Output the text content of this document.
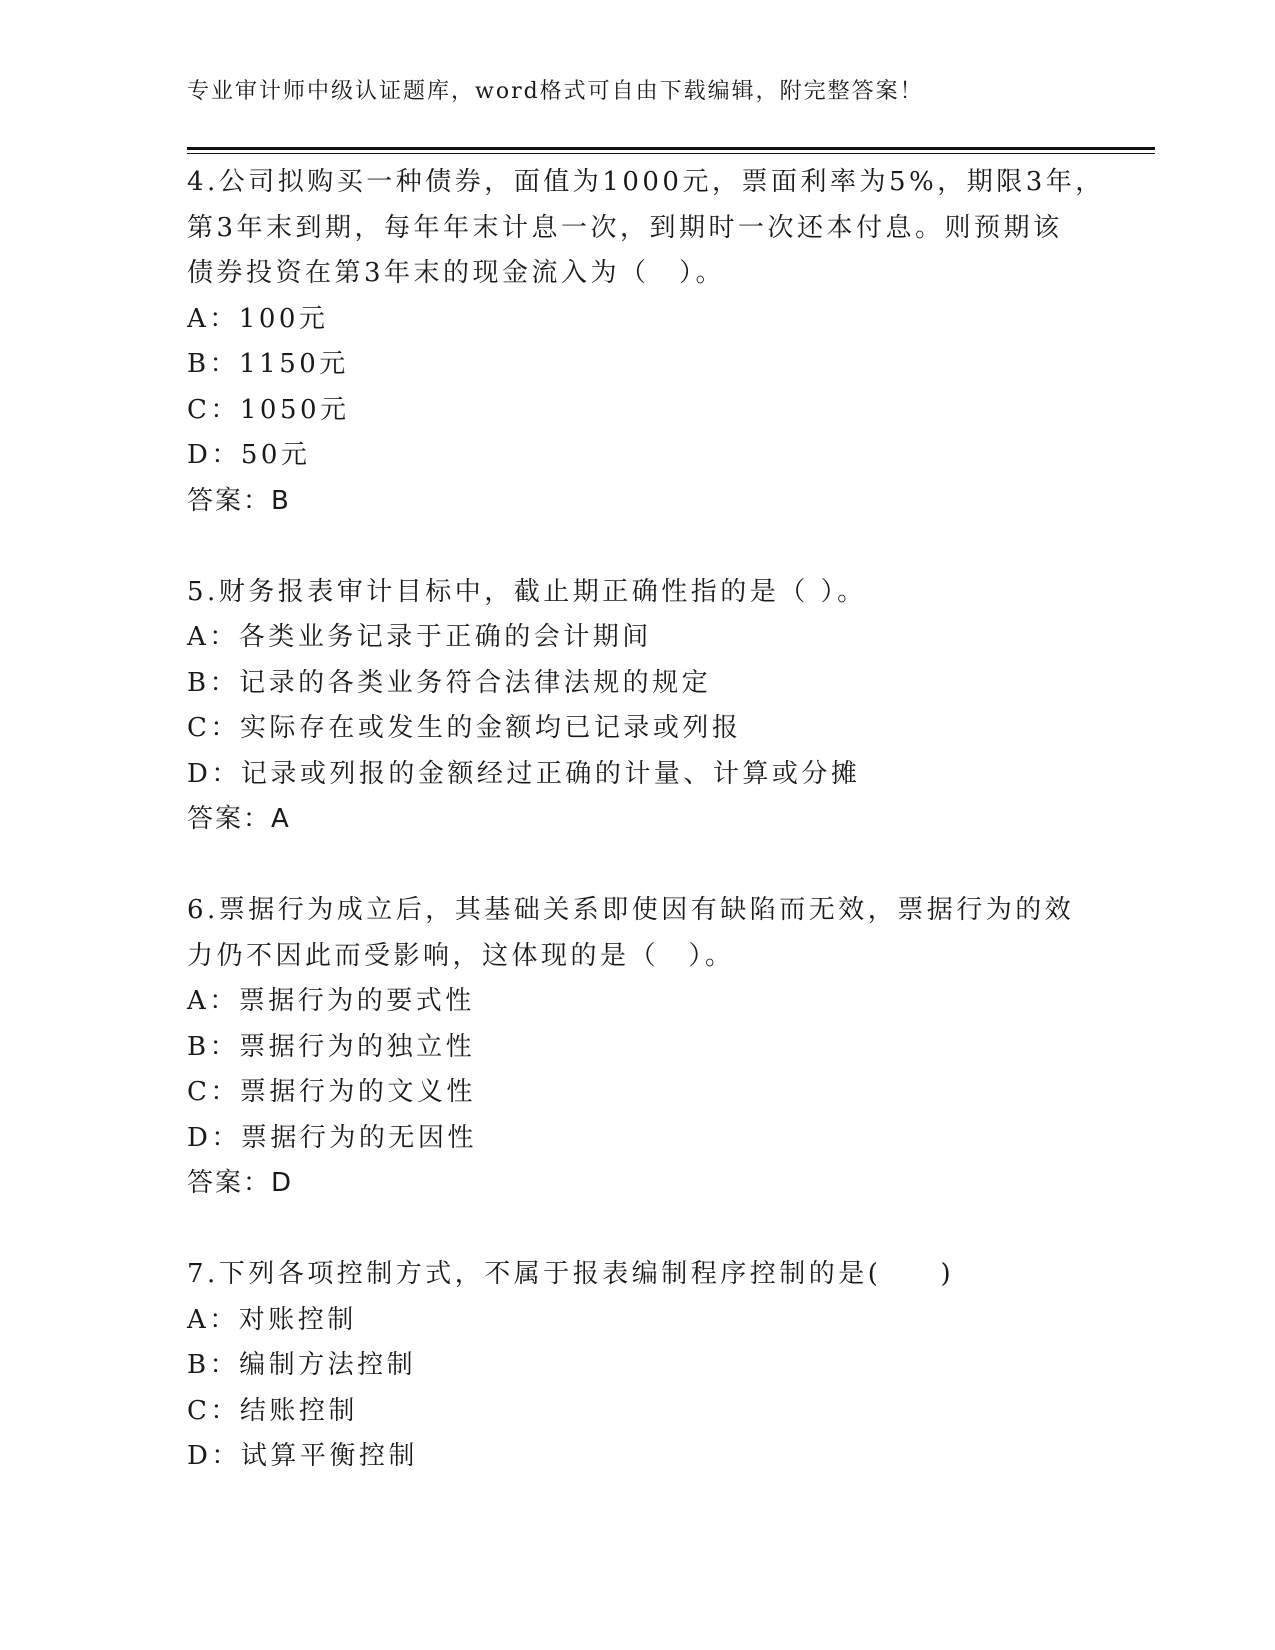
专业审计师中级认证题库，word格式可自由下载编辑，附完整答案！
4.公司拟购买一种债券，面值为1000元，票面利率为5%，期限3年，
第3年末到期，每年年末计息一次，到期时一次还本付息。则预期该
债券投资在第3年末的现金流入为（　）。
A：100元
B：1150元
C：1050元
D：50元
答案：B
5.财务报表审计目标中，截止期正确性指的是（ ）。
A：各类业务记录于正确的会计期间
B：记录的各类业务符合法律法规的规定
C：实际存在或发生的金额均已记录或列报
D：记录或列报的金额经过正确的计量、计算或分摊
答案：A
6.票据行为成立后，其基础关系即使因有缺陷而无效，票据行为的效
力仍不因此而受影响，这体现的是（　）。
A：票据行为的要式性
B：票据行为的独立性
C：票据行为的文义性
D：票据行为的无因性
答案：D
7.下列各项控制方式，不属于报表编制程序控制的是(　　)
A：对账控制
B：编制方法控制
C：结账控制
D：试算平衡控制
